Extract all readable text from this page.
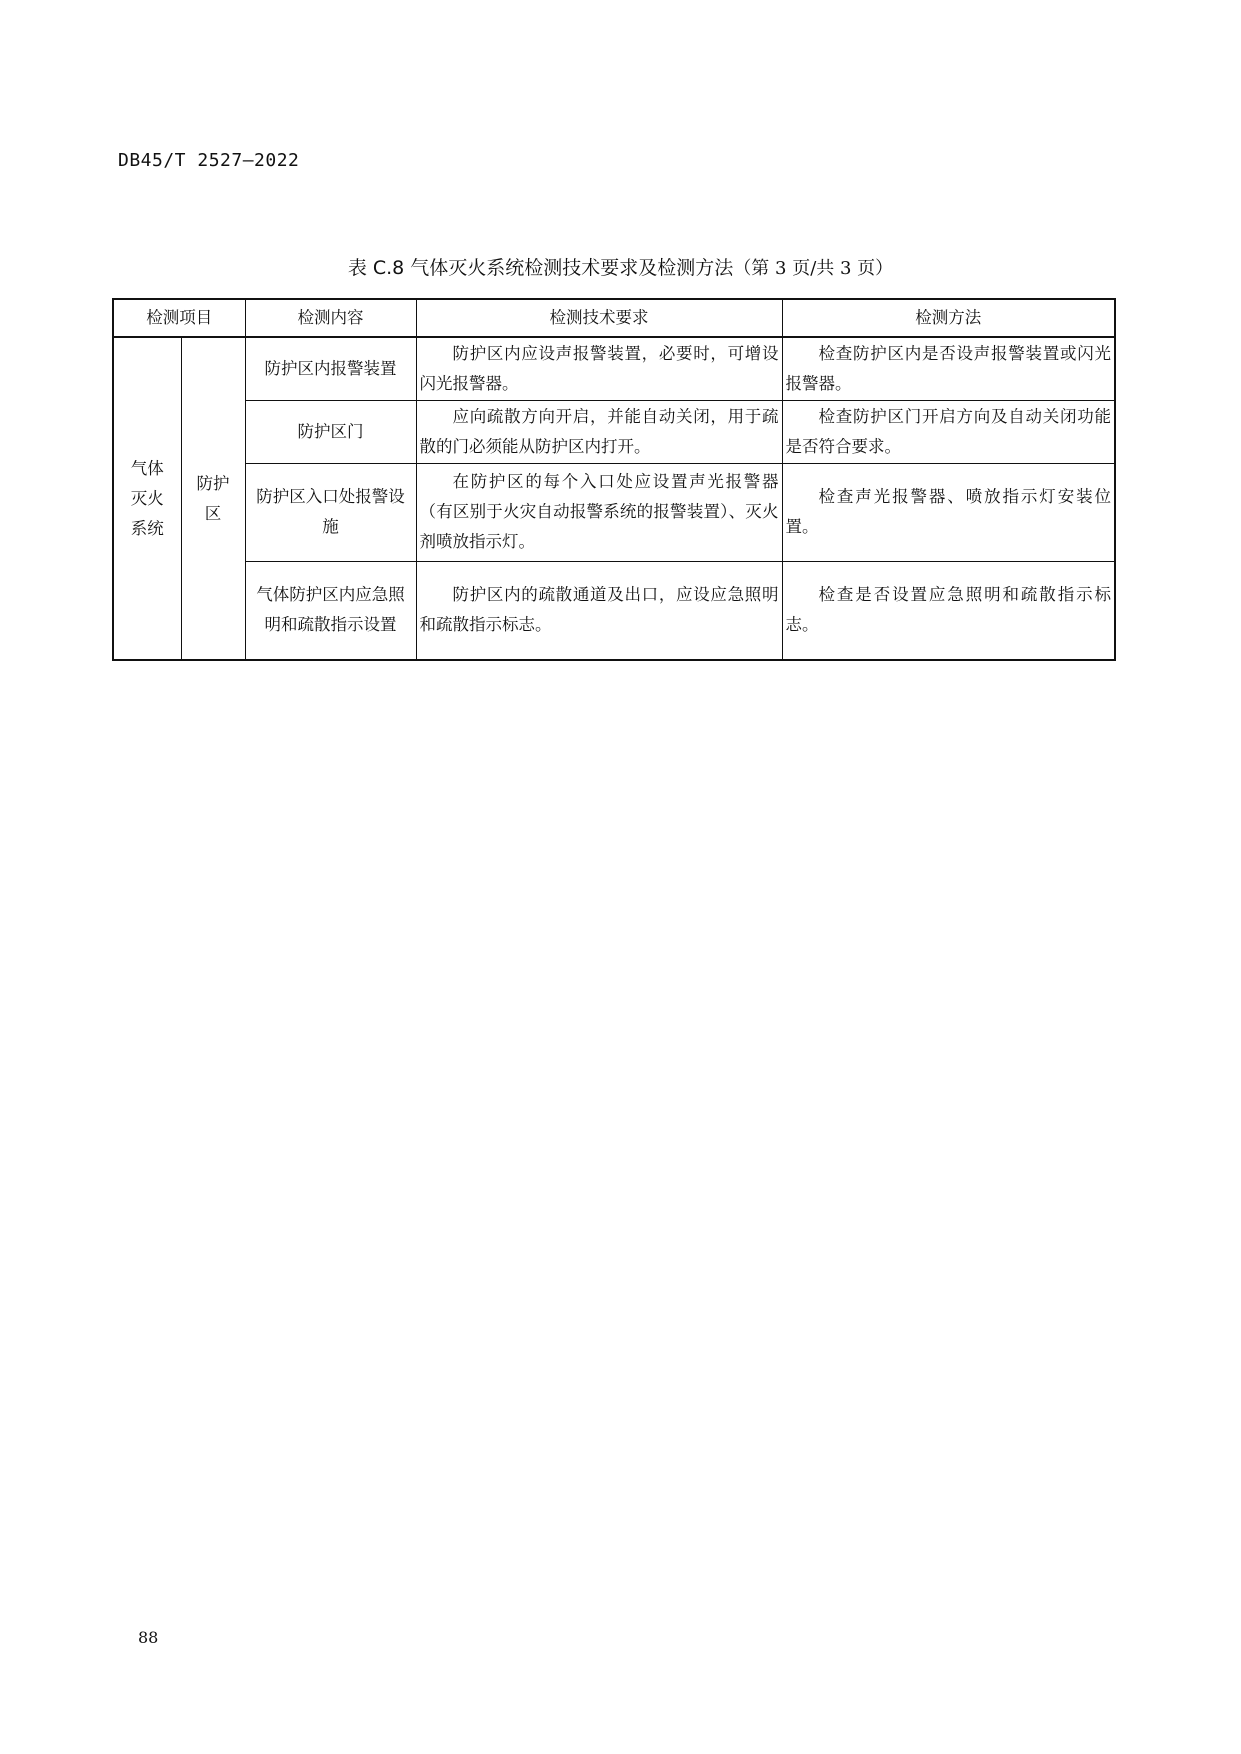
DB45/T 2527—2022
表 C.8 气体灭火系统检测技术要求及检测方法（第 3 页/共 3 页）
检测项目		检测内容	检测技术要求	检测方法
气体灭火系统	防护区	防护区内报警装置	防护区内应设声报警装置，必要时，可增设闪光报警器。	检查防护区内是否设声报警装置或闪光报警器。
		防护区门	应向疏散方向开启，并能自动关闭，用于疏散的门必须能从防护区内打开。	检查防护区门开启方向及自动关闭功能是否符合要求。
		防护区入口处报警设施	在防护区的每个入口处应设置声光报警器（有区别于火灾自动报警系统的报警装置）、灭火剂喷放指示灯。	检查声光报警器、喷放指示灯安装位置。
		气体防护区内应急照明和疏散指示设置	防护区内的疏散通道及出口，应设应急照明和疏散指示标志。	检查是否设置应急照明和疏散指示标志。
88
